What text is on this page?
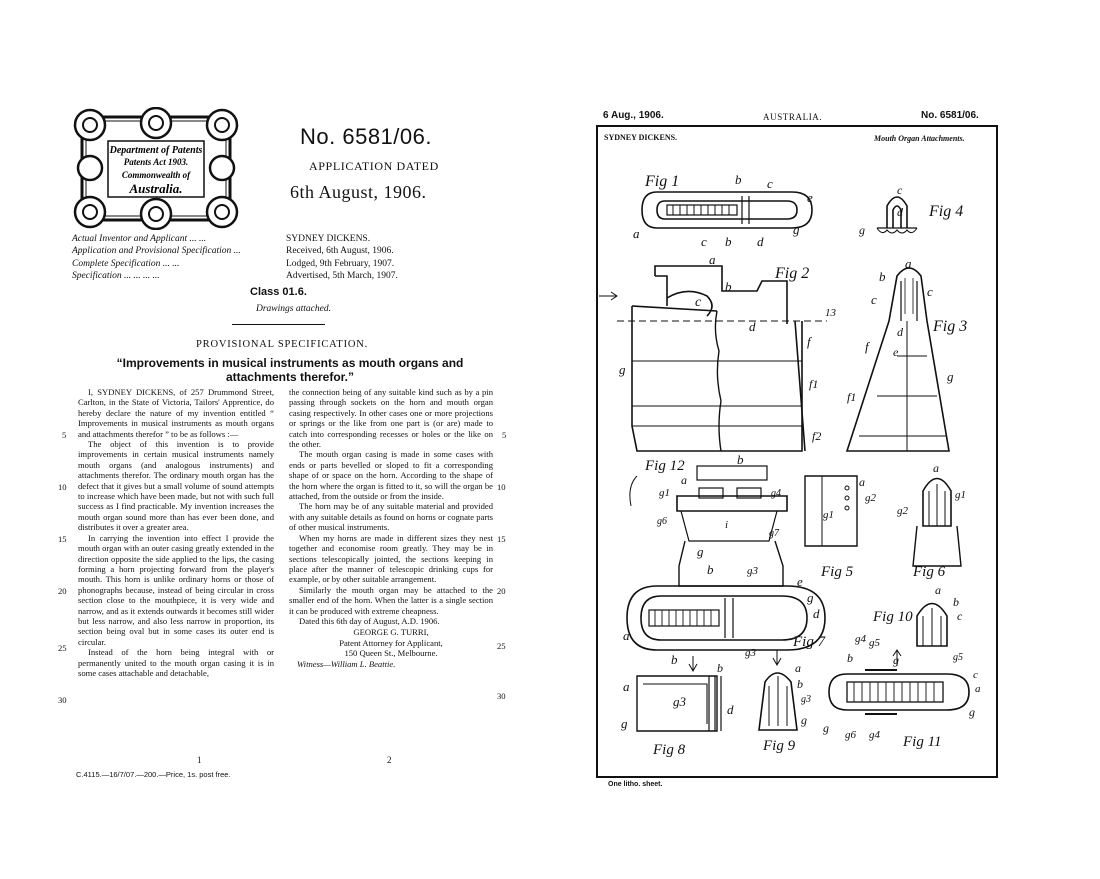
Department of Patents
Patents Act 1903.
Commonwealth of
Australia.
No. 6581/06.
APPLICATION DATED
6th August, 1906.
Actual Inventor and Applicant ... ...	SYDNEY DICKENS.
Application and Provisional Specification ...	Received, 6th August, 1906.
Complete Specification ... ...	Lodged, 9th February, 1907.
Specification ... ... ... ...	Advertised, 5th March, 1907.
Class 01.6.
Drawings attached.
PROVISIONAL SPECIFICATION.
“Improvements in musical instruments as mouth organs and attachments therefor.”

I, SYDNEY DICKENS, of 257 Drummond Street, Carlton, in the State of Victoria, Tailors' Apprentice, do hereby declare the nature of my invention entitled “ Improvements in musical instruments as mouth organs and attachments therefor ” to be as follows :—

The object of this invention is to provide improvements in certain musical instruments namely mouth organs (and analogous instruments) and attachments therefor. The ordinary mouth organ has the defect that it gives but a small volume of sound attempts to increase which have been made, but not with such full success as I find practicable. My invention increases the mouth organ sound more than has ever been done, and distributes it over a greater area.

In carrying the invention into effect I provide the mouth organ with an outer casing greatly extended in the direction opposite the side applied to the lips, the casing forming a horn projecting forward from the player's mouth. This horn is unlike ordinary horns or those of phonographs because, instead of being circular in cross section close to the mouthpiece, it is very wide and narrow, and as it extends outwards it becomes still wider but less narrow, and also less narrow in proportion, its section being oval but in some cases its outer end is circular.

Instead of the horn being integral with or permanently united to the mouth organ casing it is in some cases attachable and detachable,

5
10
15
20
25
30

the connection being of any suitable kind such as by a pin passing through sockets on the horn and mouth organ casing respectively. In other cases one or more projections or springs or the like from one part is (or are) made to catch into corresponding recesses or holes or the like on the other.

The mouth organ casing is made in some cases with ends or parts bevelled or sloped to fit a corresponding shape of or space on the horn. According to the shape of the horn where the organ is fitted to it, so will the organ be attached, from the outside or from the inside.

The horn may be of any suitable material and provided with any suitable details as found on horns or cognate parts of other musical instruments.

When my horns are made in different sizes they nest together and economise room greatly. They may be in sections telescopically jointed, the sections keeping in place after the manner of telescopic drinking cups for example, or by other suitable arrangement.

Similarly the mouth organ may be attached to the smaller end of the horn. When the latter is a single section it can be produced with extreme cheapness.

Dated this 6th day of August, A.D. 1906.

GEORGE G. TURRI,
Patent Attorney for Applicant,
150 Queen St., Melbourne.
Witness—William L. Beattie.
5
10
15
20
25
30
1	2
C.4115.—16/7/07.—200.—Price, 1s. post free.
6 Aug., 1906.	AUSTRALIA.	No. 6581/06.
SYDNEY DICKENS.	Mouth Organ Attachments.
Fig 1	b c
e
a
c b d
g
Fig 4
c
d
g
Fig 2
a
b
c
d
13
f
f1
f2
g
Fig 3
a
b
c
c
d
e
f
f1
g
Fig 12	b
a
g1
g6
g4
g7
g
i
Fig 5
a
g2
g1
Fig 6
a
g1
g2
Fig 7
b	g3
e
g
d
a
b	g3
Fig 10
a
b
c
Fig 11
g4 g5
b	g	g5
c
a
g g6 g4
g
Fig 8
a
g3
b
d
g
Fig 9
a
b
g3
g
One litho. sheet.
